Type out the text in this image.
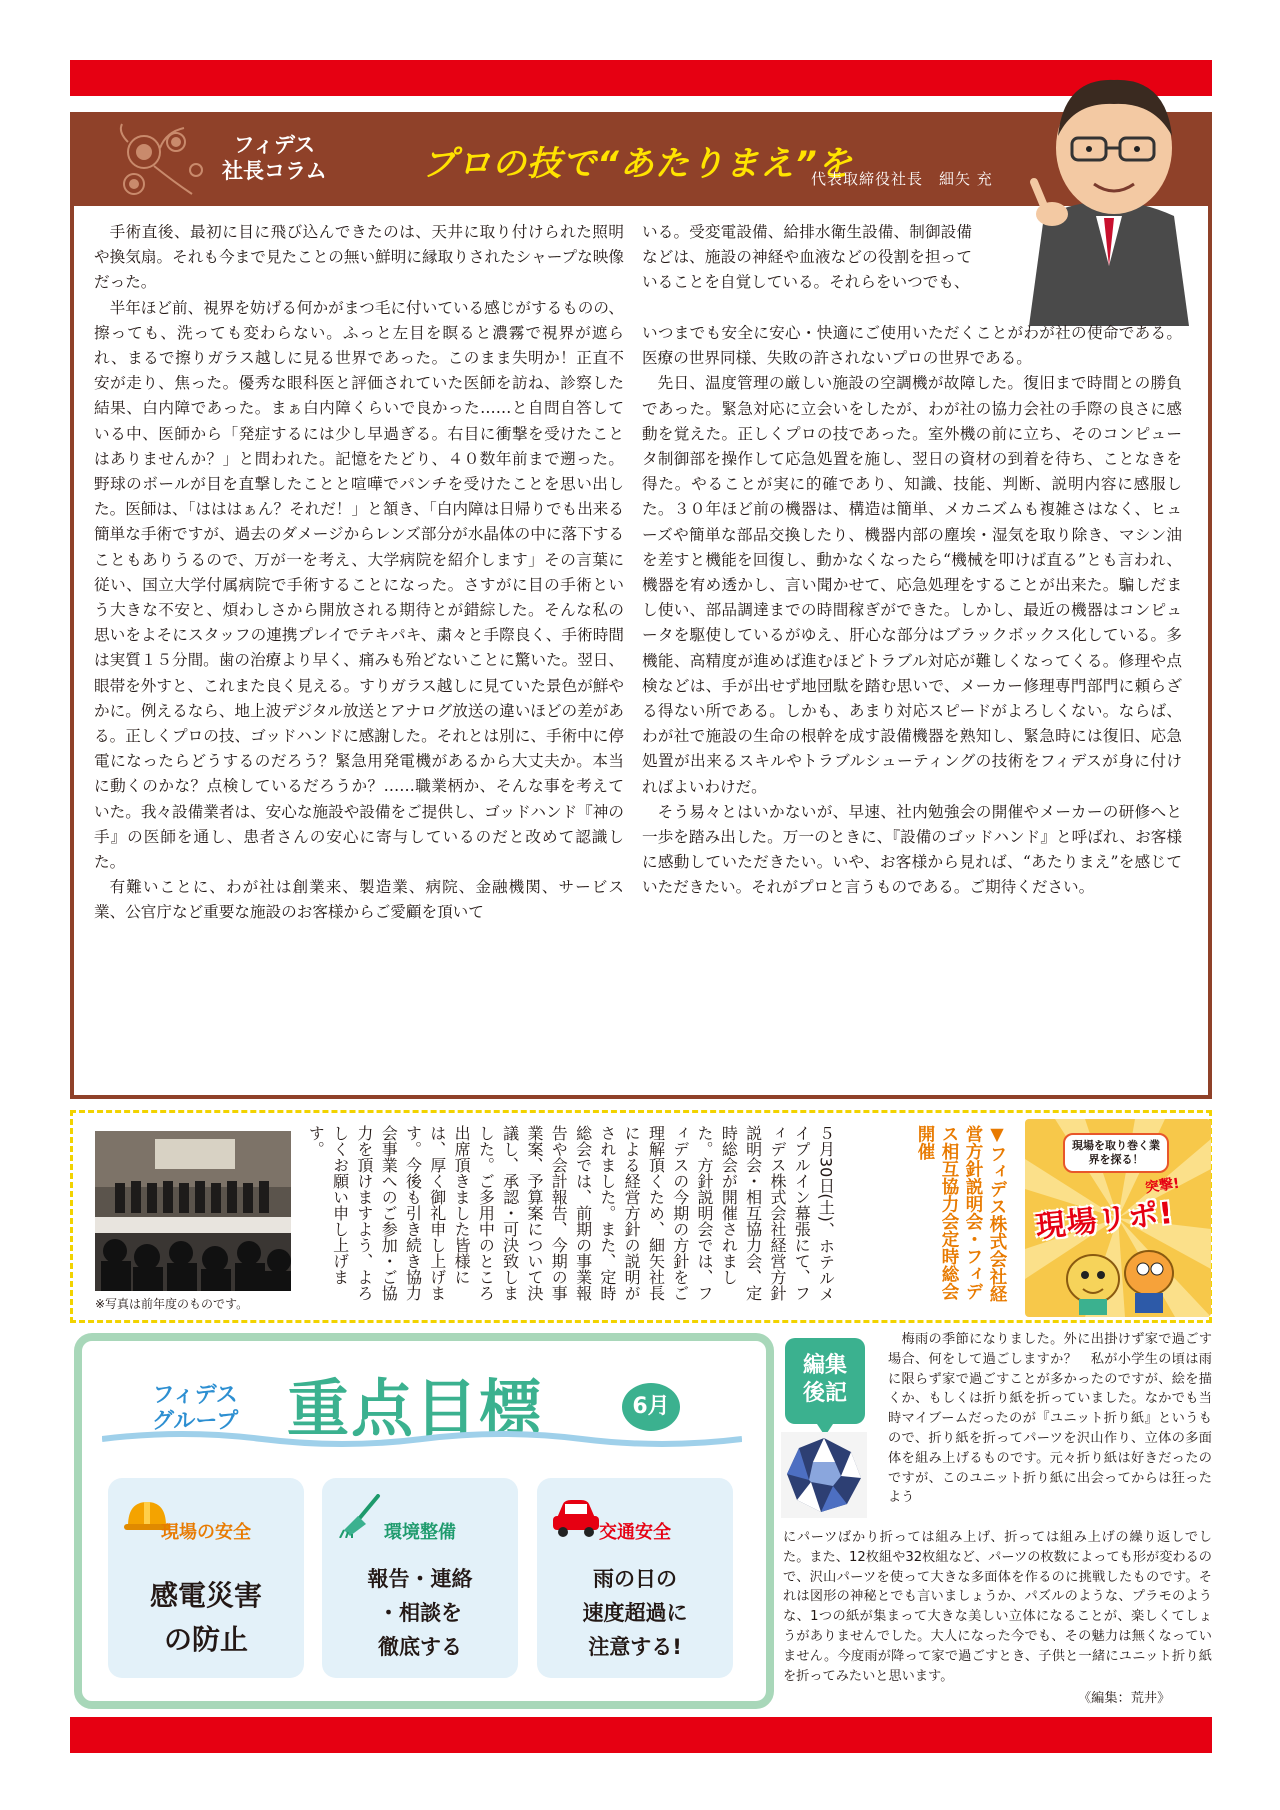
フィデス
社長コラム	プロの技で“あたりまえ”を
代表取締役社長　細矢 充

手術直後、最初に目に飛び込んできたのは、天井に取り付けられた照明や換気扇。それも今まで見たことの無い鮮明に縁取りされたシャープな映像だった。

半年ほど前、視界を妨げる何かがまつ毛に付いている感じがするものの、擦っても、洗っても変わらない。ふっと左目を瞑ると濃霧で視界が遮られ、まるで擦りガラス越しに見る世界であった。このまま失明か！正直不安が走り、焦った。優秀な眼科医と評価されていた医師を訪ね、診察した結果、白内障であった。まぁ白内障くらいで良かった……と自問自答している中、医師から「発症するには少し早過ぎる。右目に衝撃を受けたことはありませんか？」と問われた。記憶をたどり、４０数年前まで遡った。野球のボールが目を直撃したことと喧嘩でパンチを受けたことを思い出した。医師は、「はははぁん？それだ！」と頷き、「白内障は日帰りでも出来る簡単な手術ですが、過去のダメージからレンズ部分が水晶体の中に落下することもありうるので、万が一を考え、大学病院を紹介します」その言葉に従い、国立大学付属病院で手術することになった。さすがに目の手術という大きな不安と、煩わしさから開放される期待とが錯綜した。そんな私の思いをよそにスタッフの連携プレイでテキパキ、粛々と手際良く、手術時間は実質１５分間。歯の治療より早く、痛みも殆どないことに驚いた。翌日、眼帯を外すと、これまた良く見える。すりガラス越しに見ていた景色が鮮やかに。例えるなら、地上波デジタル放送とアナログ放送の違いほどの差がある。正しくプロの技、ゴッドハンドに感謝した。それとは別に、手術中に停電になったらどうするのだろう？緊急用発電機があるから大丈夫か。本当に動くのかな？点検しているだろうか？……職業柄か、そんな事を考えていた。我々設備業者は、安心な施設や設備をご提供し、ゴッドハンド『神の手』の医師を通し、患者さんの安心に寄与しているのだと改めて認識した。

有難いことに、わが社は創業来、製造業、病院、金融機関、サービス業、公官庁など重要な施設のお客様からご愛顧を頂いて

いる。受変電設備、給排水衛生設備、制御設備などは、施設の神経や血液などの役割を担っていることを自覚している。それらをいつでも、

いつまでも安全に安心・快適にご使用いただくことがわが社の使命である。医療の世界同様、失敗の許されないプロの世界である。

先日、温度管理の厳しい施設の空調機が故障した。復旧まで時間との勝負であった。緊急対応に立会いをしたが、わが社の協力会社の手際の良さに感動を覚えた。正しくプロの技であった。室外機の前に立ち、そのコンピュータ制御部を操作して応急処置を施し、翌日の資材の到着を待ち、ことなきを得た。やることが実に的確であり、知識、技能、判断、説明内容に感服した。３０年ほど前の機器は、構造は簡単、メカニズムも複雑さはなく、ヒューズや簡単な部品交換したり、機器内部の塵埃・湿気を取り除き、マシン油を差すと機能を回復し、動かなくなったら“機械を叩けば直る”とも言われ、機器を宥め透かし、言い聞かせて、応急処理をすることが出来た。騙しだまし使い、部品調達までの時間稼ぎができた。しかし、最近の機器はコンピュータを駆使しているがゆえ、肝心な部分はブラックボックス化している。多機能、高精度が進めば進むほどトラブル対応が難しくなってくる。修理や点検などは、手が出せず地団駄を踏む思いで、メーカー修理専門部門に頼らざる得ない所である。しかも、あまり対応スピードがよろしくない。ならば、わが社で施設の生命の根幹を成す設備機器を熟知し、緊急時には復旧、応急処置が出来るスキルやトラブルシューティングの技術をフィデスが身に付ければよいわけだ。

そう易々とはいかないが、早速、社内勉強会の開催やメーカーの研修へと一歩を踏み出した。万一のときに、『設備のゴッドハンド』と呼ばれ、お客様に感動していただきたい。いや、お客様から見れば、“あたりまえ”を感じていただきたい。それがプロと言うものである。ご期待ください。

※写真は前年度のものです。
５月30日(土)、ホテルメイプルイン幕張にて、フィデス株式会社経営方針説明会・相互協力会、定時総会が開催されました。方針説明会では、フィデスの今期の方針をご理解頂くため、細矢社長による経営方針の説明がされました。また、定時総会では、前期の事業報告や会計報告、今期の事業案、予算案について決議し、承認・可決致しました。ご多用中のところ出席頂きました皆様には、厚く御礼申し上げます。今後も引き続き協力会事業へのご参加・ご協力を頂けますよう、よろしくお願い申し上げます。	▼フィデス株式会社経営方針説明会・フィデス相互協力会定時総会開催	現場を取り巻く業界を探る！
突撃!
現場リポ!
フィデス
グループ 重点目標	6月
現場の安全
感電災害
の防止
環境整備
報告・連絡
・相談を
徹底する
交通安全
雨の日の
速度超過に
注意する!
編集
後記
　梅雨の季節になりました。外に出掛けず家で過ごす場合、何をして過ごしますか？　私が小学生の頃は雨に限らず家で過ごすことが多かったのですが、絵を描くか、もしくは折り紙を折っていました。なかでも当時マイブームだったのが『ユニット折り紙』というもので、折り紙を折ってパーツを沢山作り、立体の多面体を組み上げるものです。元々折り紙は好きだったのですが、このユニット折り紙に出会ってからは狂ったよう
にパーツばかり折っては組み上げ、折っては組み上げの繰り返しでした。また、12枚組や32枚組など、パーツの枚数によっても形が変わるので、沢山パーツを使って大きな多面体を作るのに挑戦したものです。それは図形の神秘とでも言いましょうか、パズルのような、プラモのような、1つの紙が集まって大きな美しい立体になることが、楽しくてしょうがありませんでした。大人になった今でも、その魅力は無くなっていません。今度雨が降って家で過ごすとき、子供と一緒にユニット折り紙を折ってみたいと思います。
《編集：荒井》
